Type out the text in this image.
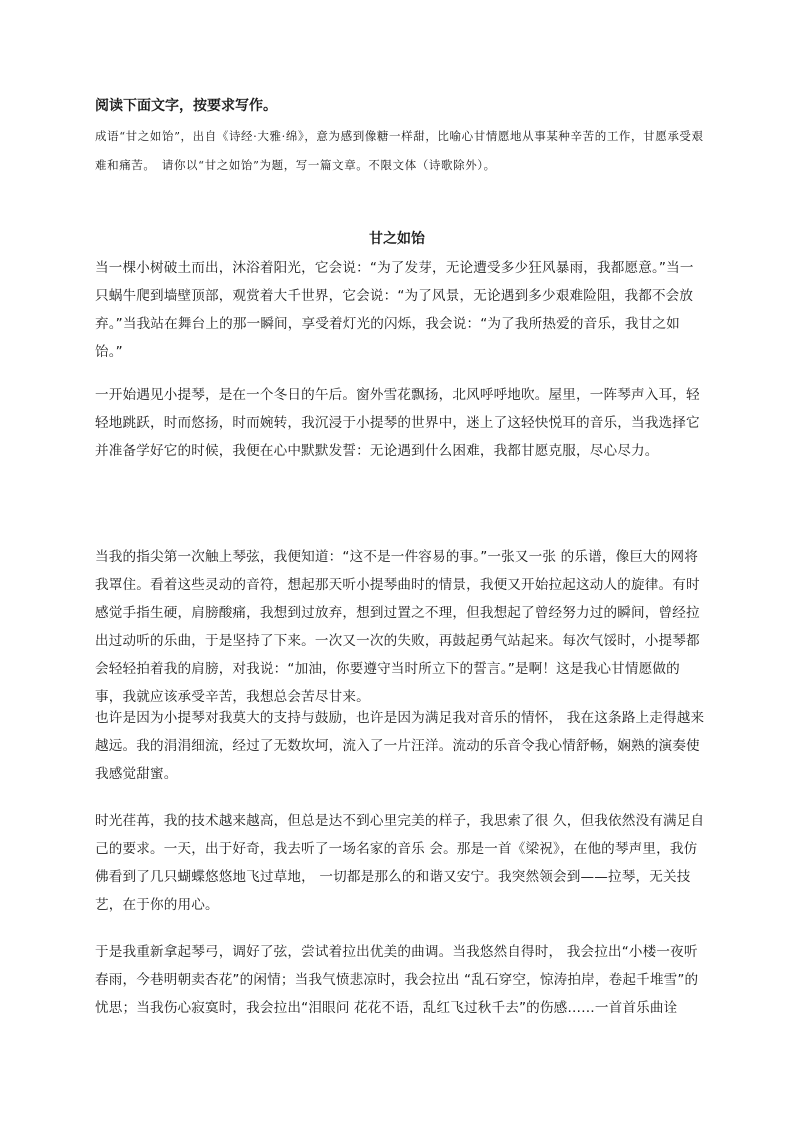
阅读下面文字，按要求写作。
成语“甘之如饴”，出自《诗经·大雅·绵》，意为感到像糖一样甜，比喻心甘情愿地从事某种辛苦的工作，甘愿承受艰难和痛苦。　请你以“甘之如饴”为题，写一篇文章。不限文体（诗歌除外）。
甘之如饴

当一棵小树破土而出，沐浴着阳光，它会说：“为了发芽，无论遭受多少狂风暴雨，我都愿意。”当一只蜗牛爬到墙壁顶部，观赏着大千世界，它会说：“为了风景，无论遇到多少艰难险阻，我都不会放弃。”当我站在舞台上的那一瞬间，享受着灯光的闪烁，我会说：“为了我所热爱的音乐，我甘之如饴。”

一开始遇见小提琴，是在一个冬日的午后。窗外雪花飘扬，北风呼呼地吹。屋里，一阵琴声入耳，轻轻地跳跃，时而悠扬，时而婉转，我沉浸于小提琴的世界中，迷上了这轻快悦耳的音乐，当我选择它并准备学好它的时候，我便在心中默默发誓：无论遇到什么困难，我都甘愿克服，尽心尽力。

当我的指尖第一次触上琴弦，我便知道：“这不是一件容易的事。”一张又一张 的乐谱，像巨大的网将我罩住。看着这些灵动的音符，想起那天听小提琴曲时的情景，我便又开始拉起这动人的旋律。有时感觉手指生硬，肩膀酸痛，我想到过放弃，想到过置之不理，但我想起了曾经努力过的瞬间，曾经拉出过动听的乐曲，于是坚持了下来。一次又一次的失败，再鼓起勇气站起来。每次气馁时，小提琴都会轻轻拍着我的肩膀，对我说：“加油，你要遵守当时所立下的誓言。”是啊！这是我心甘情愿做的事，我就应该承受辛苦，我想总会苦尽甘来。

也许是因为小提琴对我莫大的支持与鼓励，也许是因为满足我对音乐的情怀， 我在这条路上走得越来越远。我的涓涓细流，经过了无数坎坷，流入了一片汪洋。流动的乐音令我心情舒畅，娴熟的演奏使我感觉甜蜜。

时光荏苒，我的技术越来越高，但总是达不到心里完美的样子，我思索了很 久，但我依然没有满足自己的要求。一天，出于好奇，我去听了一场名家的音乐 会。那是一首《梁祝》，在他的琴声里，我仿佛看到了几只蝴蝶悠悠地飞过草地， 一切都是那么的和谐又安宁。我突然领会到——拉琴，无关技艺，在于你的用心。

于是我重新拿起琴弓，调好了弦，尝试着拉出优美的曲调。当我悠然自得时， 我会拉出“小楼一夜听春雨，今巷明朝卖杏花”的闲情；当我气愤悲凉时，我会拉出 “乱石穿空，惊涛拍岸，卷起千堆雪”的忧思；当我伤心寂寞时，我会拉出“泪眼问 花花不语，乱红飞过秋千去”的伤感……一首首乐曲诠
